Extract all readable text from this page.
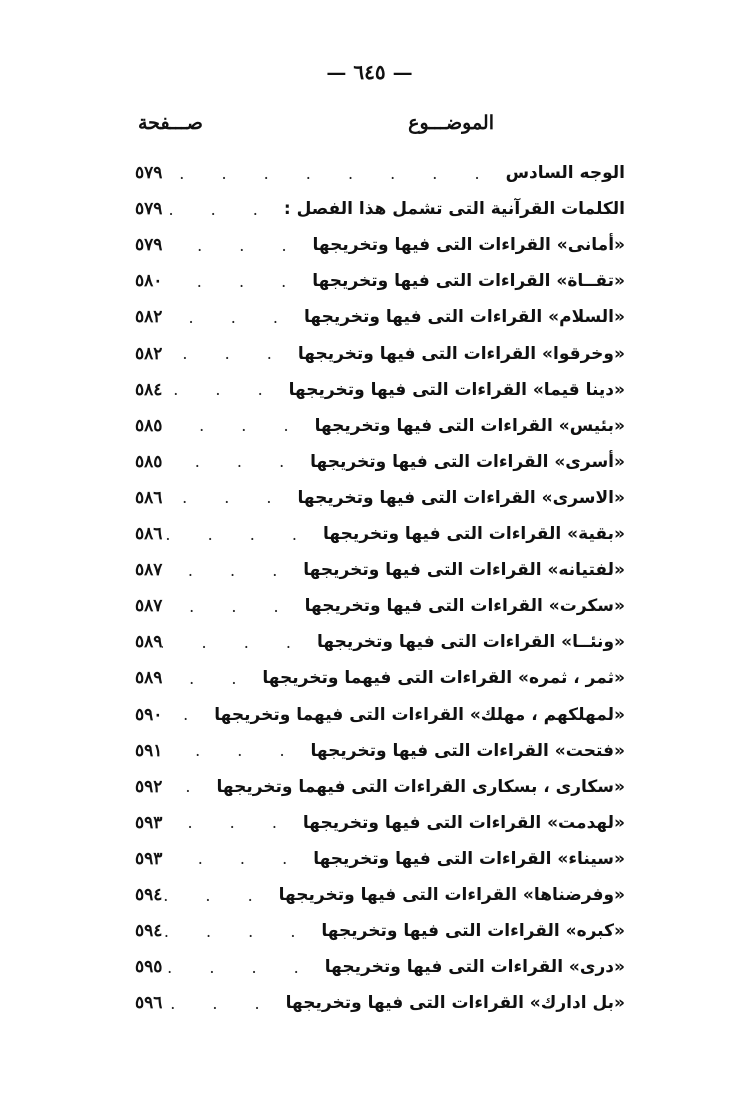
— ٦٤٥ —
الموضـــوع
صـــفحة
الوجه السادس
. . .
٥٧٩
الكلمات القرآنية التى تشمل هذا الفصل :
. . .
٥٧٩
«أمانى» القراءات التى فيها وتخريجها
. . .
٥٧٩
«تقــاة» القراءات التى فيها وتخريجها
. . .
٥٨٠
«السلام» القراءات التى فيها وتخريجها
. . .
٥٨٢
«وخرقوا» القراءات التى فيها وتخريجها
. . .
٥٨٢
«دينا قيما» القراءات التى فيها وتخريجها
. . .
٥٨٤
«بئيس» القراءات التى فيها وتخريجها
. . .
٥٨٥
«أسرى» القراءات التى فيها وتخريجها
. . .
٥٨٥
«الاسرى» القراءات التى فيها وتخريجها
. . .
٥٨٦
«بقية» القراءات التى فيها وتخريجها
. . .
٥٨٦
«لفتيانه» القراءات التى فيها وتخريجها
. . .
٥٨٧
«سكرت» القراءات التى فيها وتخريجها
. . .
٥٨٧
«ونئــا» القراءات التى فيها وتخريجها
. . .
٥٨٩
«ثمر ، ثمره» القراءات التى فيهما وتخريجها
. . .
٥٨٩
«لمهلكهم ، مهلك» القراءات التى فيهما وتخريجها
. . .
٥٩٠
«فتحت» القراءات التى فيها وتخريجها
. . .
٥٩١
«سكارى ، بسكارى القراءات التى فيهما وتخريجها
. . .
٥٩٢
«لهدمت» القراءات التى فيها وتخريجها
. . .
٥٩٣
«سيناء» القراءات التى فيها وتخريجها
. . .
٥٩٣
«وفرضناها» القراءات التى فيها وتخريجها
. . .
٥٩٤
«كبره» القراءات التى فيها وتخريجها
. . .
٥٩٤
«درى» القراءات التى فيها وتخريجها
. . .
٥٩٥
«بل ادارك» القراءات التى فيها وتخريجها
. . .
٥٩٦
